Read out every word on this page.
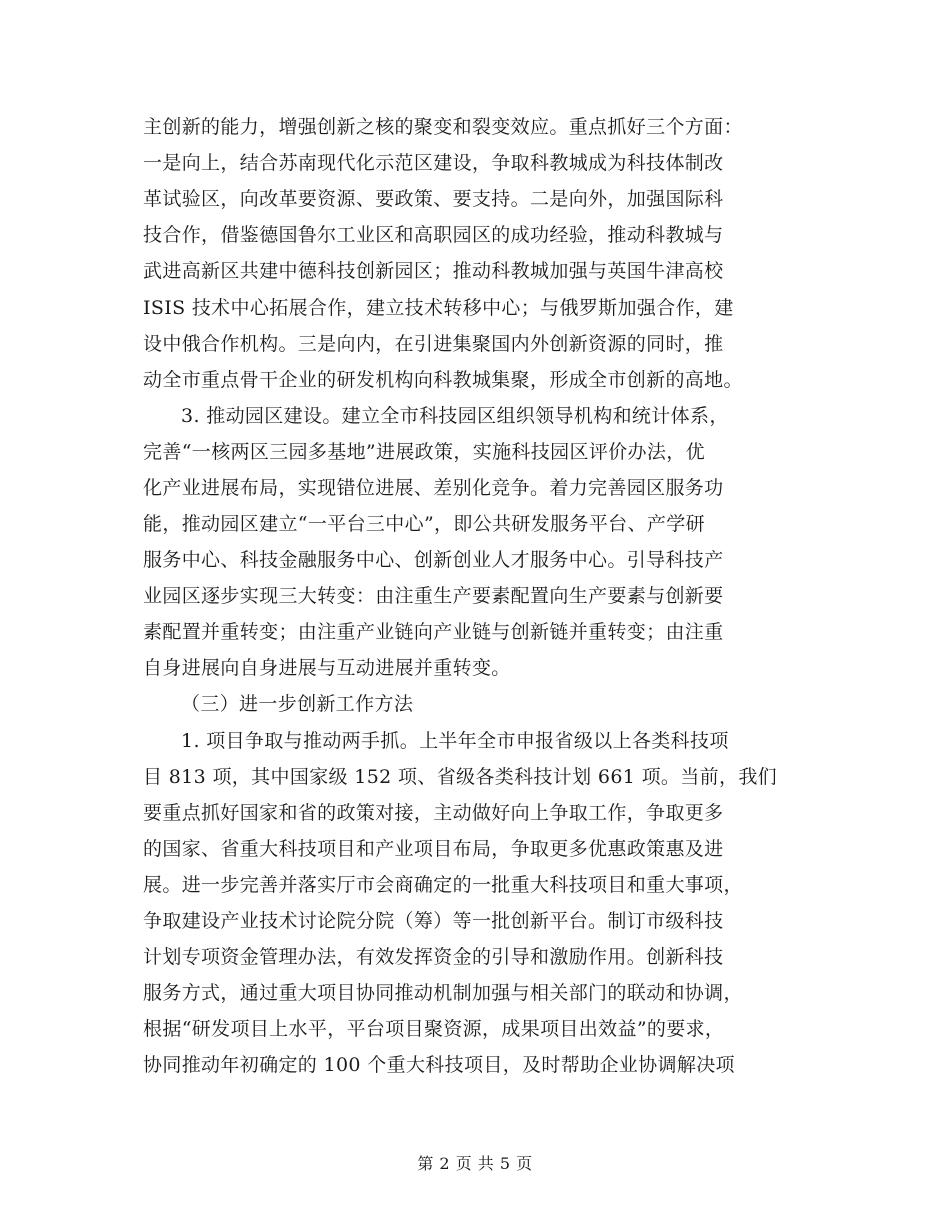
主创新的能力，增强创新之核的聚变和裂变效应。重点抓好三个方面：
一是向上，结合苏南现代化示范区建设，争取科教城成为科技体制改
革试验区，向改革要资源、要政策、要支持。二是向外，加强国际科
技合作，借鉴德国鲁尔工业区和高职园区的成功经验，推动科教城与
武进高新区共建中德科技创新园区；推动科教城加强与英国牛津高校
ISIS 技术中心拓展合作，建立技术转移中心；与俄罗斯加强合作，建
设中俄合作机构。三是向内，在引进集聚国内外创新资源的同时，推
动全市重点骨干企业的研发机构向科教城集聚，形成全市创新的高地。
3. 推动园区建设。建立全市科技园区组织领导机构和统计体系，
完善“一核两区三园多基地”进展政策，实施科技园区评价办法，优
化产业进展布局，实现错位进展、差别化竞争。着力完善园区服务功
能，推动园区建立“一平台三中心”，即公共研发服务平台、产学研
服务中心、科技金融服务中心、创新创业人才服务中心。引导科技产
业园区逐步实现三大转变：由注重生产要素配置向生产要素与创新要
素配置并重转变；由注重产业链向产业链与创新链并重转变；由注重
自身进展向自身进展与互动进展并重转变。
（三）进一步创新工作方法
1. 项目争取与推动两手抓。上半年全市申报省级以上各类科技项
目 813 项，其中国家级 152 项、省级各类科技计划 661 项。当前，我们
要重点抓好国家和省的政策对接，主动做好向上争取工作，争取更多
的国家、省重大科技项目和产业项目布局，争取更多优惠政策惠及进
展。进一步完善并落实厅市会商确定的一批重大科技项目和重大事项，
争取建设产业技术讨论院分院（筹）等一批创新平台。制订市级科技
计划专项资金管理办法，有效发挥资金的引导和激励作用。创新科技
服务方式，通过重大项目协同推动机制加强与相关部门的联动和协调，
根据“研发项目上水平，平台项目聚资源，成果项目出效益”的要求，
协同推动年初确定的 100 个重大科技项目，及时帮助企业协调解决项
第 2 页 共 5 页
